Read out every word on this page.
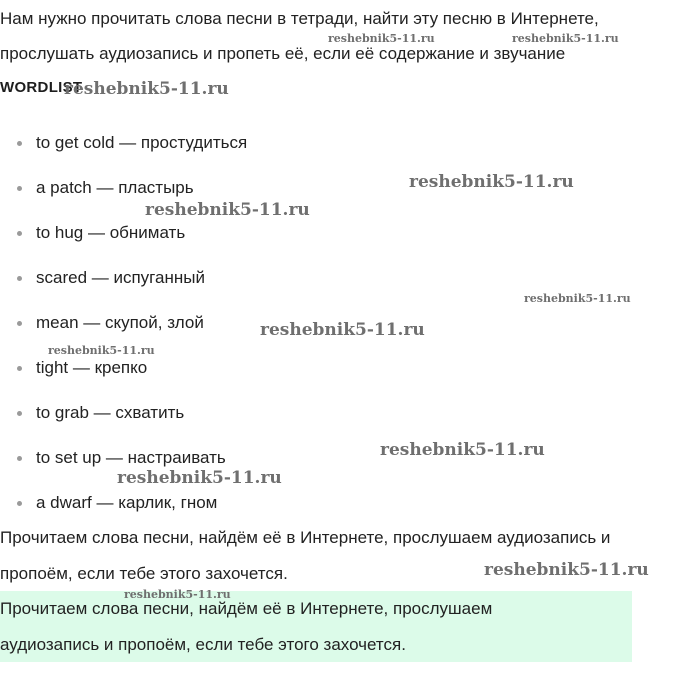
Нам нужно прочитать слова песни в тетради, найти эту песню в Интернете,

прослушать аудиозапись и пропеть её, если её содержание и звучание

WORDLIST
to get cold — простудиться
a patch — пластырь
to hug — обнимать
scared — испуганный
mean — скупой, злой
tight — крепко
to grab — схватить
to set up — настраивать
a dwarf — карлик, гном

Прочитаем слова песни, найдём её в Интернете, прослушаем аудиозапись и

пропоём, если тебе этого захочется.

Прочитаем слова песни, найдём её в Интернете, прослушаем

аудиозапись и пропоём, если тебе этого захочется.

reshebnik5-11.ru	reshebnik5-11.ru
reshebnik5-11.ru
reshebnik5-11.ru
reshebnik5-11.ru
reshebnik5-11.ru
reshebnik5-11.ru
reshebnik5-11.ru
reshebnik5-11.ru
reshebnik5-11.ru
reshebnik5-11.ru
reshebnik5-11.ru
